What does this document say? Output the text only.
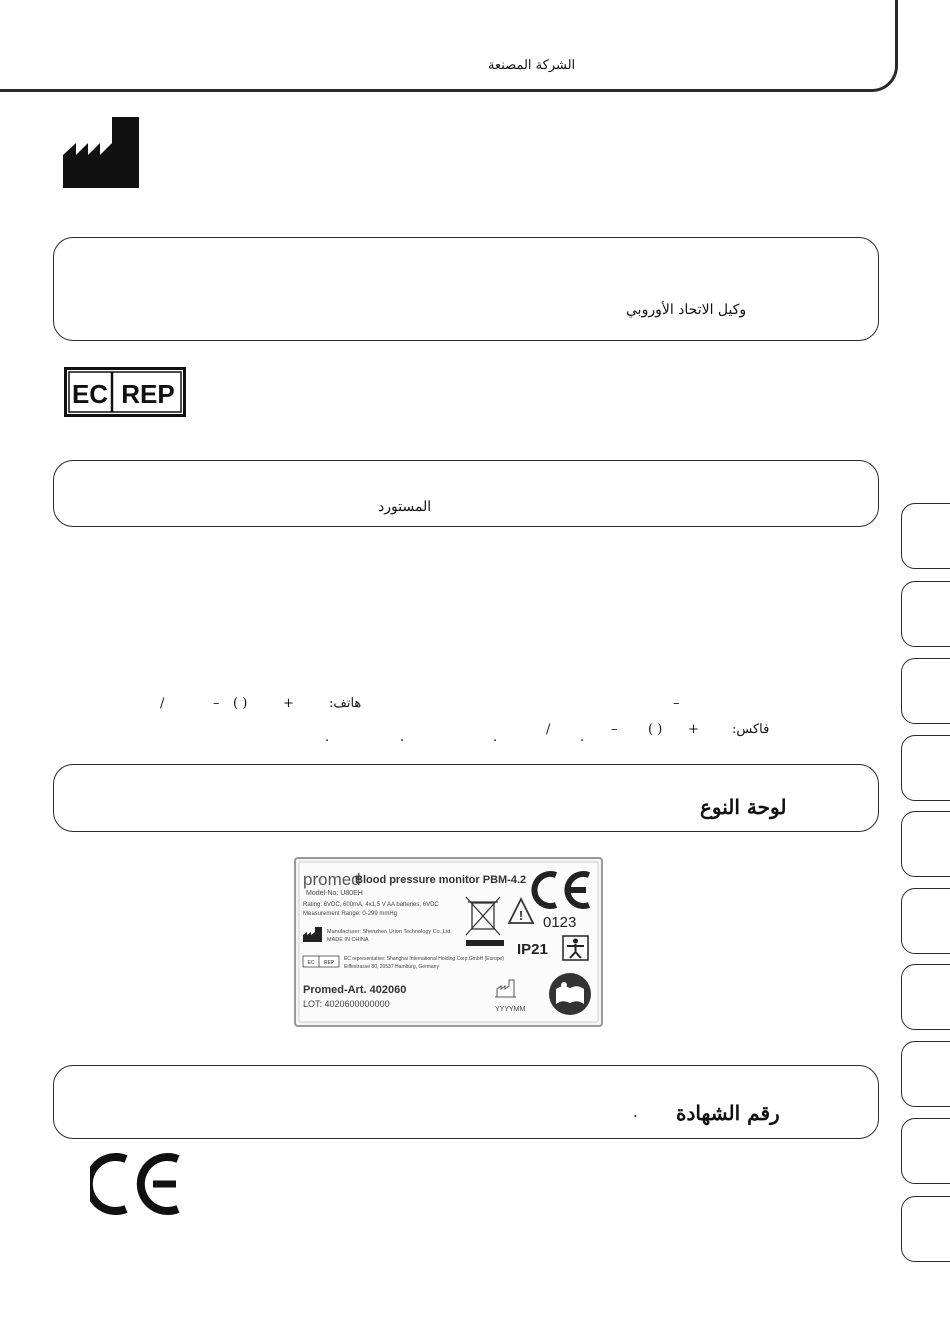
الشركة المصنعة
وكيل الاتحاد الأوروبي
EC REP
المستورد
/	– ( )	+	هاتف:	–
/	– ( ) +	فاكس:
.	.	.	.
لوحة النوع
promed
Blood pressure monitor PBM-4.2
Model-No: U80EH
Rating: 6VDC, 600mA, 4x1,5 V AA batteries, 6VDC
Measurement Range: 0-299 mmHg
Manufacturer: Shenzhen Urion Technology Co.,Ltd.
MADE IN CHINA
EC REP
EC representative: Shanghai International Holding Corp.GmbH (Europe)
Eiffestrasse 80, 20537 Hamburg, Germany
Promed-Art. 402060
LOT: 4020600000000
! 0123
IP21
YYYYMM
رقم الشهادة
.
